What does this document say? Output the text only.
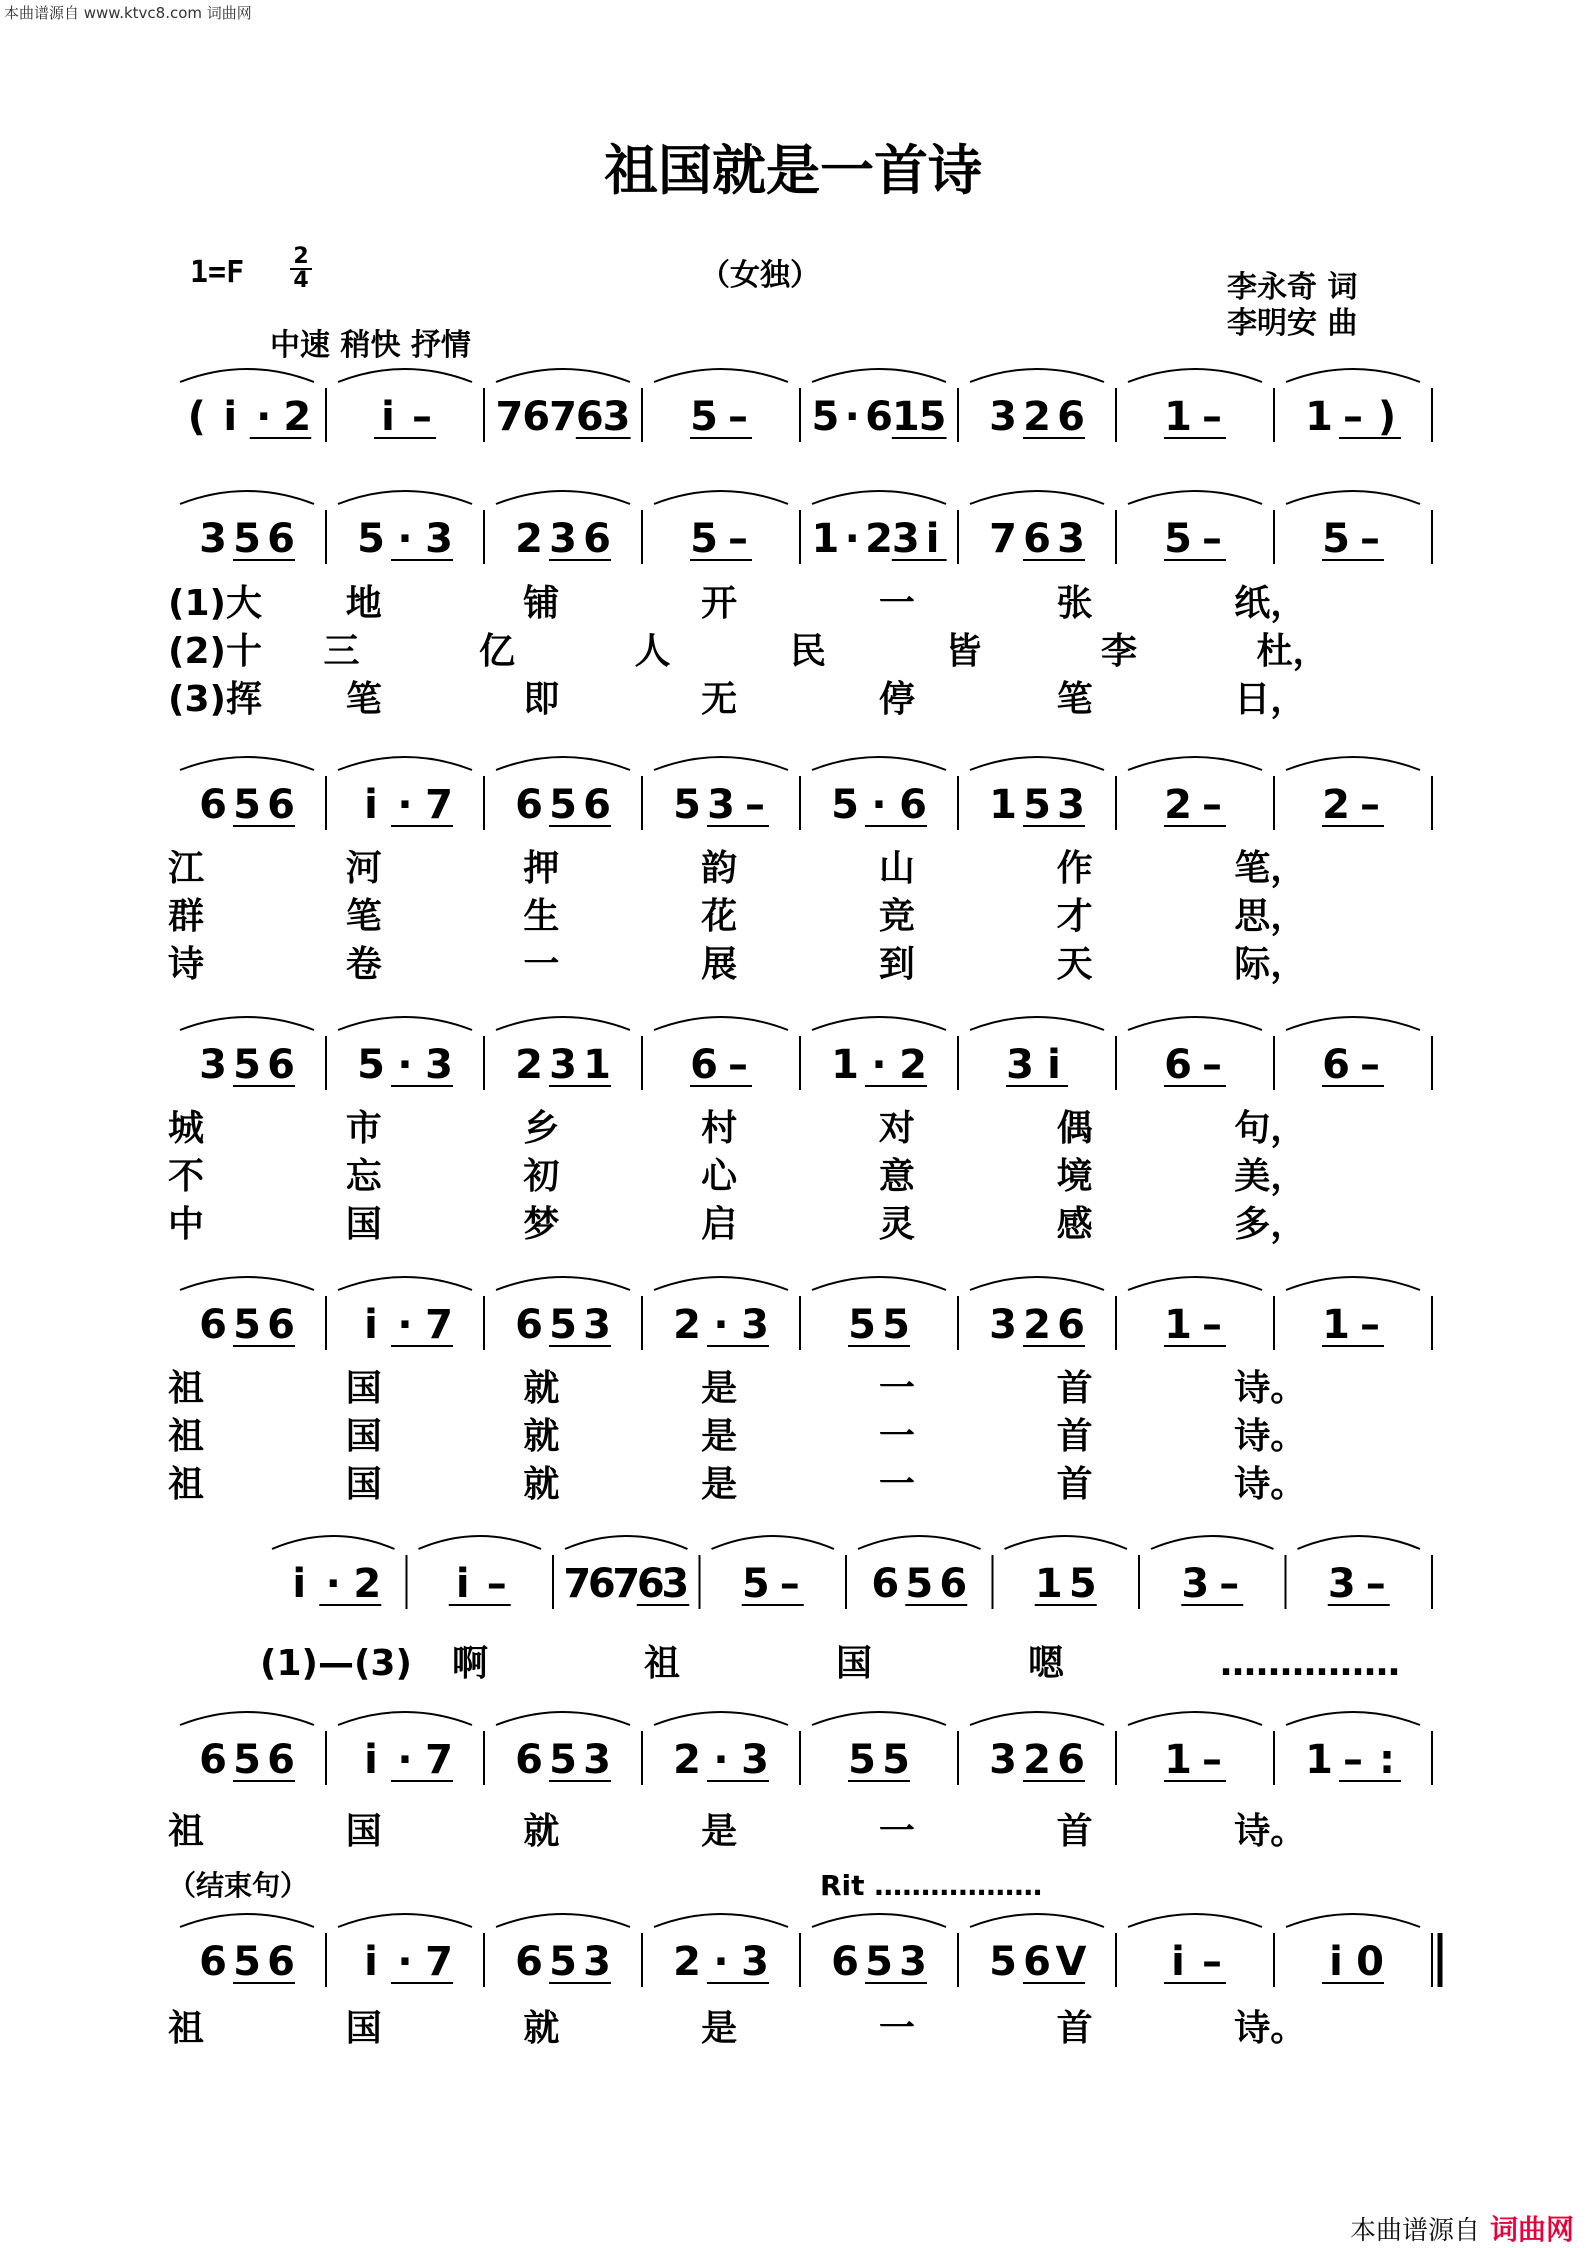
本曲谱源自 www.ktvc8.com 词曲网
祖国就是一首诗
（女独）
1=F 2
4
中速 稍快 抒情
李永奇 词
李明安 曲
( i · 2 i – 7
6
7
6
3 5 – 5 · 6
1
5 3 2 6 1 – 1 – )
3 5 6 5 · 3 2 3 6 5 – 1 · 2
3 i 7 6 3 5 –	5 –
(1)大 地	铺	开	一	张	纸，
(2)十 三	亿	人	民	皆	李	杜，
(3)挥 笔	即	无	停	笔	日，
6 5 6 i · 7 6 5 6 5 3 – 5 · 6 1 5 3 2 –	2 –
江	河	押	韵	山	作	笔，
群	笔	生	花	竞	才	思，
诗	卷	一	展	到	天	际，
3 5 6 5 · 3 2 3 1 6 – 1 · 2 3 i	6 –	6 –
城	市	乡	村	对	偶	句，
不	忘	初	心	意	境	美，
中	国	梦	启	灵	感	多，
6 5 6 i · 7 6 5 3 2 · 3 5 5 3 2 6 1 –	1 –
祖	国	就	是	一	首	诗。
祖	国	就	是	一	首	诗。
祖	国	就	是	一	首	诗。
i · 2 i – 7
6
7
6
3 5 – 6 5 6 1 5 3 – 3 –
(1)—(3) 啊	祖	国	嗯	……………
6 5 6 i · 7 6 5 3 2 · 3 5 5 3 2 6 1 – 1 – :
祖	国	就	是	一	首	诗。
6 5 6 i · 7 6 5 3 2 · 3 6 5 3 5 6 V i –	i 0
祖	国	就	是	一	首	诗。
（结束句）	Rit ………………
本曲谱源自 词曲网
